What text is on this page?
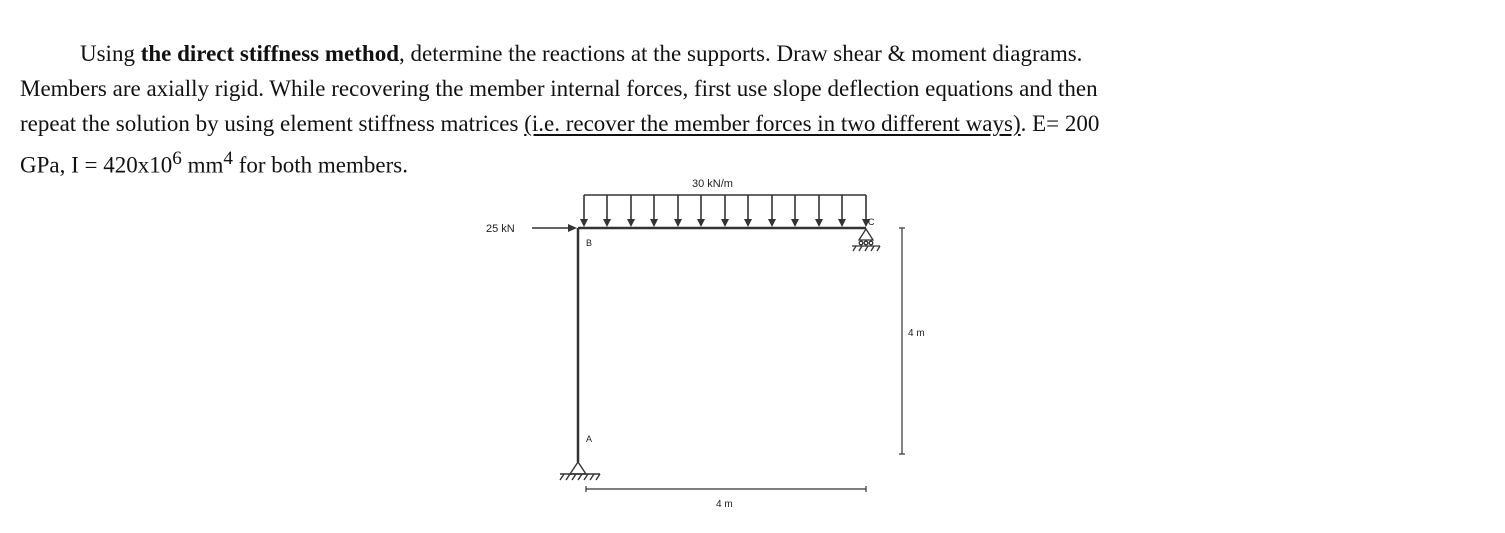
Using the direct stiffness method, determine the reactions at the supports. Draw shear & moment diagrams.
Members are axially rigid. While recovering the member internal forces, first use slope deflection equations and then
repeat the solution by using element stiffness matrices (i.e. recover the member forces in two different ways). E= 200
GPa, $I = 420x10^6$ $mm^4$ for both members.
30 kN/m
25 kN
B
A
C
4 m
4 m
